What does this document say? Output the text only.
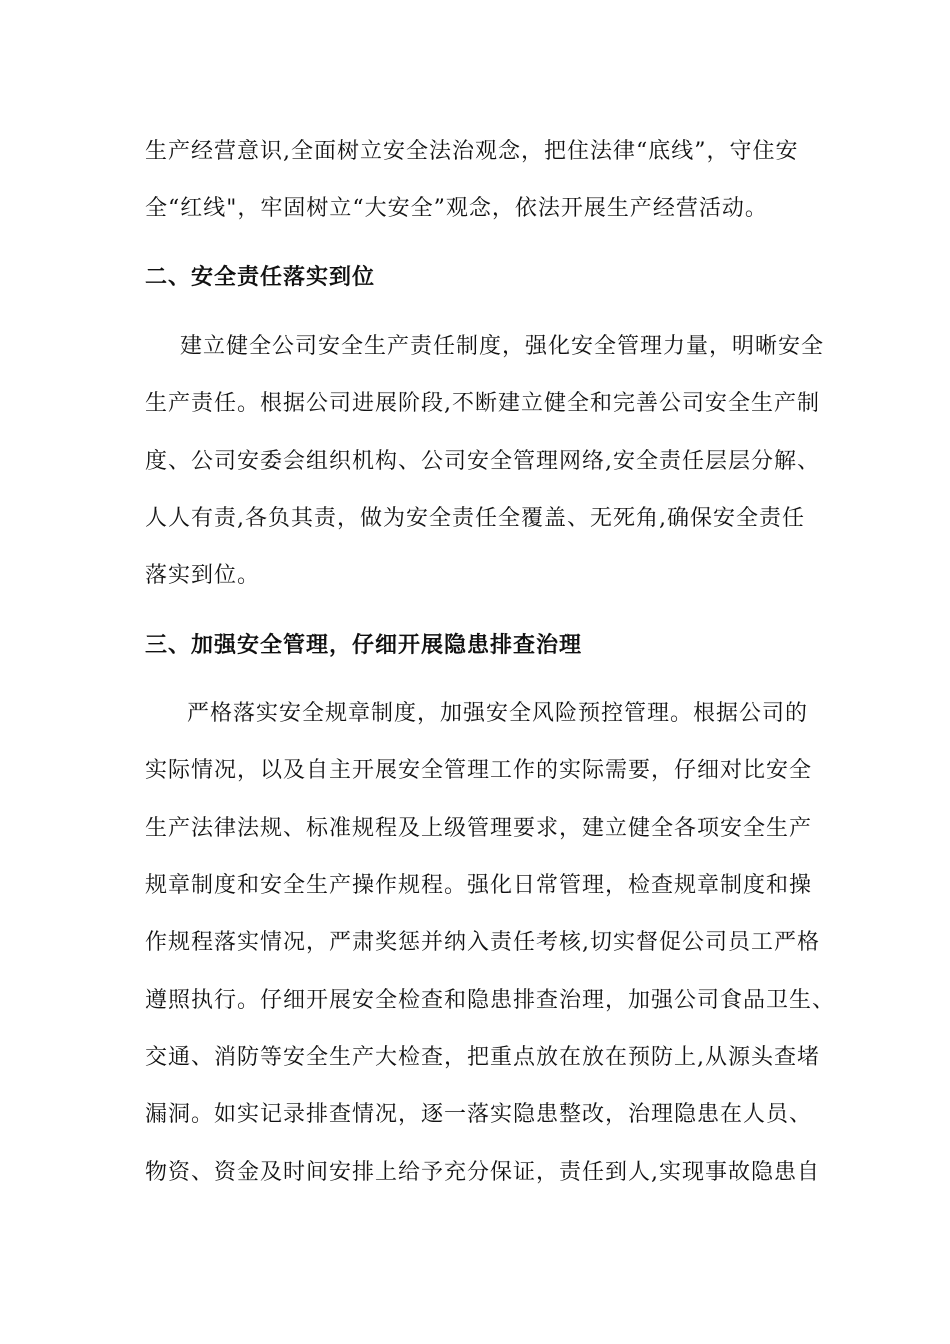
生产经营意识,全面树立安全法治观念，把住法律“底线”，守住安
全“红线"，牢固树立“大安全”观念，依法开展生产经营活动。
二、安全责任落实到位
建立健全公司安全生产责任制度，强化安全管理力量，明晰安全
生产责任。根据公司进展阶段,不断建立健全和完善公司安全生产制
度、公司安委会组织机构、公司安全管理网络,安全责任层层分解、
人人有责,各负其责，做为安全责任全覆盖、无死角,确保安全责任
落实到位。
三、加强安全管理，仔细开展隐患排查治理
严格落实安全规章制度，加强安全风险预控管理。根据公司的
实际情况，以及自主开展安全管理工作的实际需要，仔细对比安全
生产法律法规、标准规程及上级管理要求，建立健全各项安全生产
规章制度和安全生产操作规程。强化日常管理，检查规章制度和操
作规程落实情况，严肃奖惩并纳入责任考核,切实督促公司员工严格
遵照执行。仔细开展安全检查和隐患排查治理，加强公司食品卫生、
交通、消防等安全生产大检查，把重点放在放在预防上,从源头查堵
漏洞。如实记录排查情况，逐一落实隐患整改，治理隐患在人员、
物资、资金及时间安排上给予充分保证，责任到人,实现事故隐患自
